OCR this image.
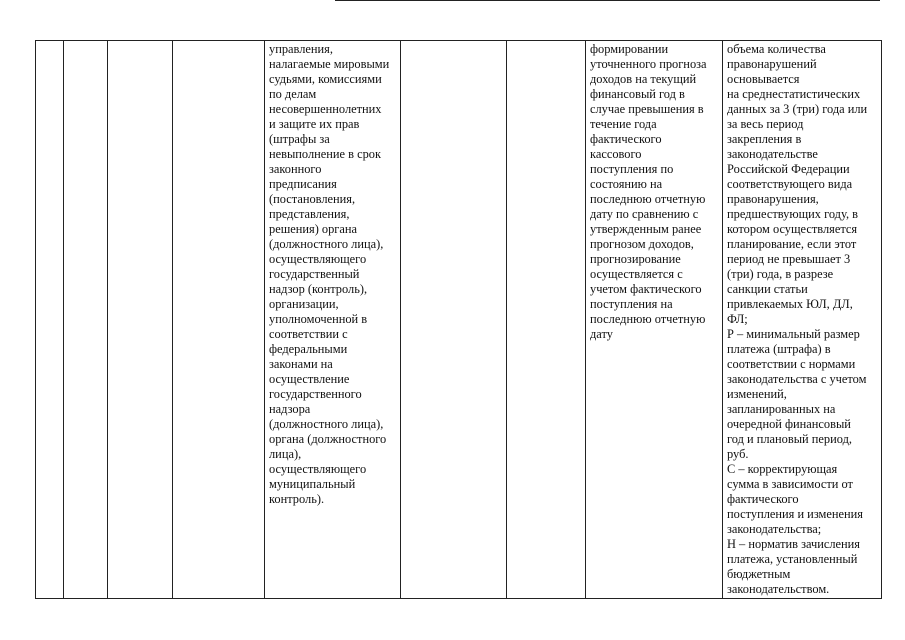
				управления,
налагаемые мировыми
судьями, комиссиями
по делам
несовершеннолетних
и защите их прав
(штрафы за
невыполнение в срок
законного
предписания
(постановления,
представления,
решения) органа
(должностного лица),
осуществляющего
государственный
надзор (контроль),
организации,
уполномоченной в
соответствии с
федеральными
законами на
осуществление
государственного
надзора
(должностного лица),
органа (должностного
лица),
осуществляющего
муниципальный
контроль).			формировании
уточненного прогноза
доходов на текущий
финансовый год в
случае превышения в
течение года
фактического
кассового
поступления по
состоянию на
последнюю отчетную
дату по сравнению с
утвержденным ранее
прогнозом доходов,
прогнозирование
осуществляется с
учетом фактического
поступления на
последнюю отчетную
дату	объема количества
правонарушений
основывается
на среднестатистических
данных за 3 (три) года или
за весь период
закрепления в
законодательстве
Российской Федерации
соответствующего вида
правонарушения,
предшествующих году, в
котором осуществляется
планирование, если этот
период не превышает 3
(три) года, в разрезе
санкции статьи
привлекаемых ЮЛ, ДЛ,
ФЛ;
Р – минимальный размер
платежа (штрафа) в
соответствии с нормами
законодательства с учетом
изменений,
запланированных на
очередной финансовый
год и плановый период,
руб.
С – корректирующая
сумма в зависимости от
фактического
поступления и изменения
законодательства;
Н – норматив зачисления
платежа, установленный
бюджетным
законодательством.
